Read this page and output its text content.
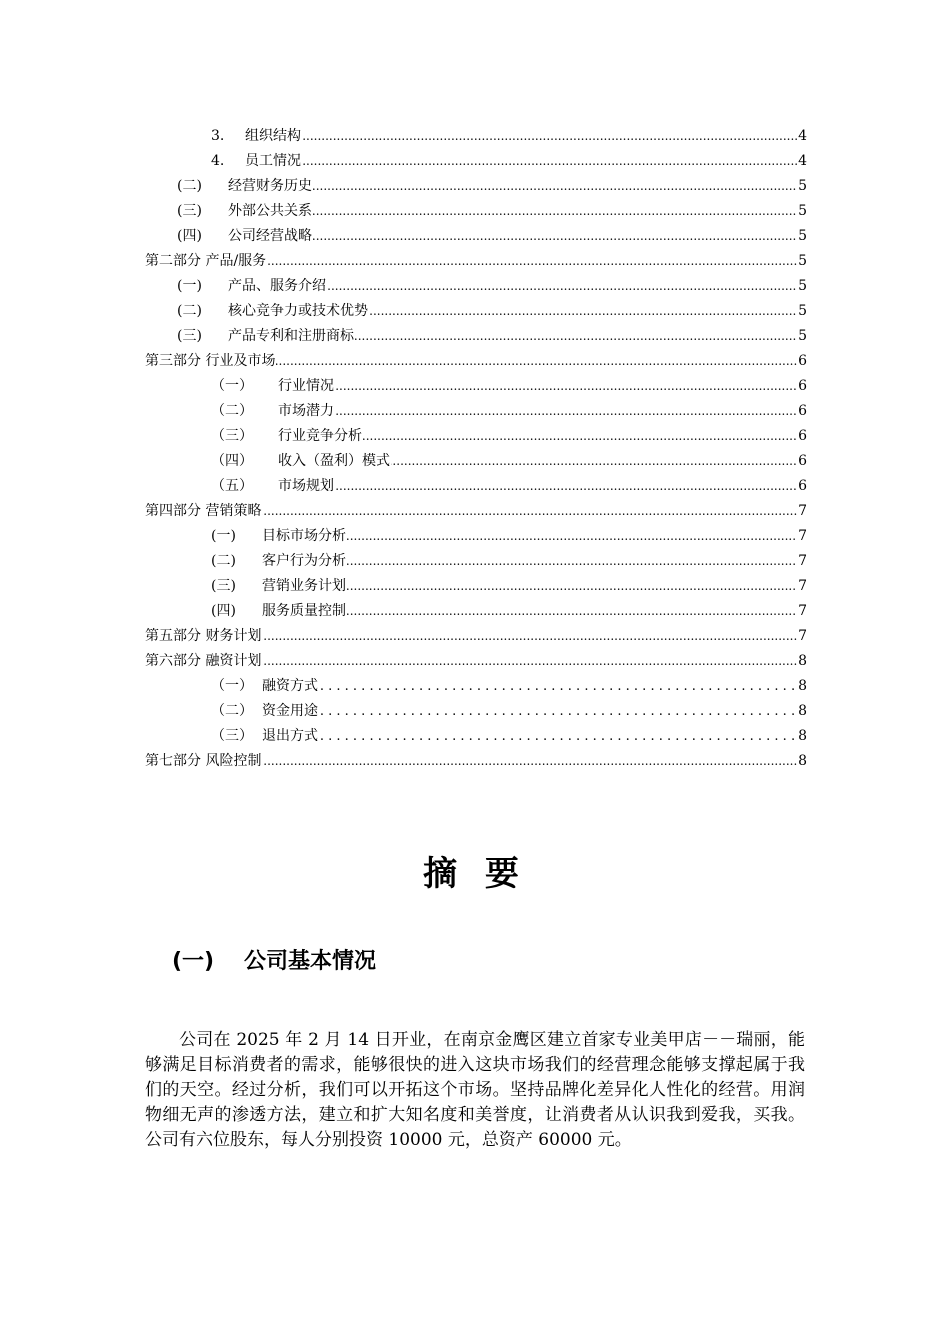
3. ..... 组织结构	4
4. ..... 员工情况	4
(二) ..... 经营财务历史	5
(三) ..... 外部公共关系	5
(四) ..... 公司经营战略	5
.....
第二部分 产品/服务	5
(一) ..... 产品、服务介绍	5
(二) ..... 核心竞争力或技术优势	5
(三) ..... 产品专利和注册商标	5
.....
第三部分 行业及市场	6
（一） ..... 行业情况	6
（二） ..... 市场潜力	6
（三） ..... 行业竞争分析	6
（四） ..... 收入（盈利）模式	6
（五） ..... 市场规划	6
.....
第四部分 营销策略	7
(一) ..... 目标市场分析	7
(二) ..... 客户行为分析	7
(三) ..... 营销业务计划	7
(四) ..... 服务质量控制	7
.....
第五部分 财务计划	7
.....
第六部分 融资计划	8
（一） . . . 融资方式	8
（二） . . . 资金用途	8
（三） . . . 退出方式	8
.....
第七部分 风险控制	8
摘 要
(一) 公司基本情况

公司在 2025 年 2 月 14 日开业，在南京金鹰区建立首家专业美甲店－－瑞丽，能够满足目标消费者的需求，能够很快的进入这块市场我们的经营理念能够支撑起属于我们的天空。经过分析，我们可以开拓这个市场。坚持品牌化差异化人性化的经营。用润物细无声的渗透方法，建立和扩大知名度和美誉度，让消费者从认识我到爱我，买我。公司有六位股东，每人分别投资 10000 元，总资产 60000 元。
